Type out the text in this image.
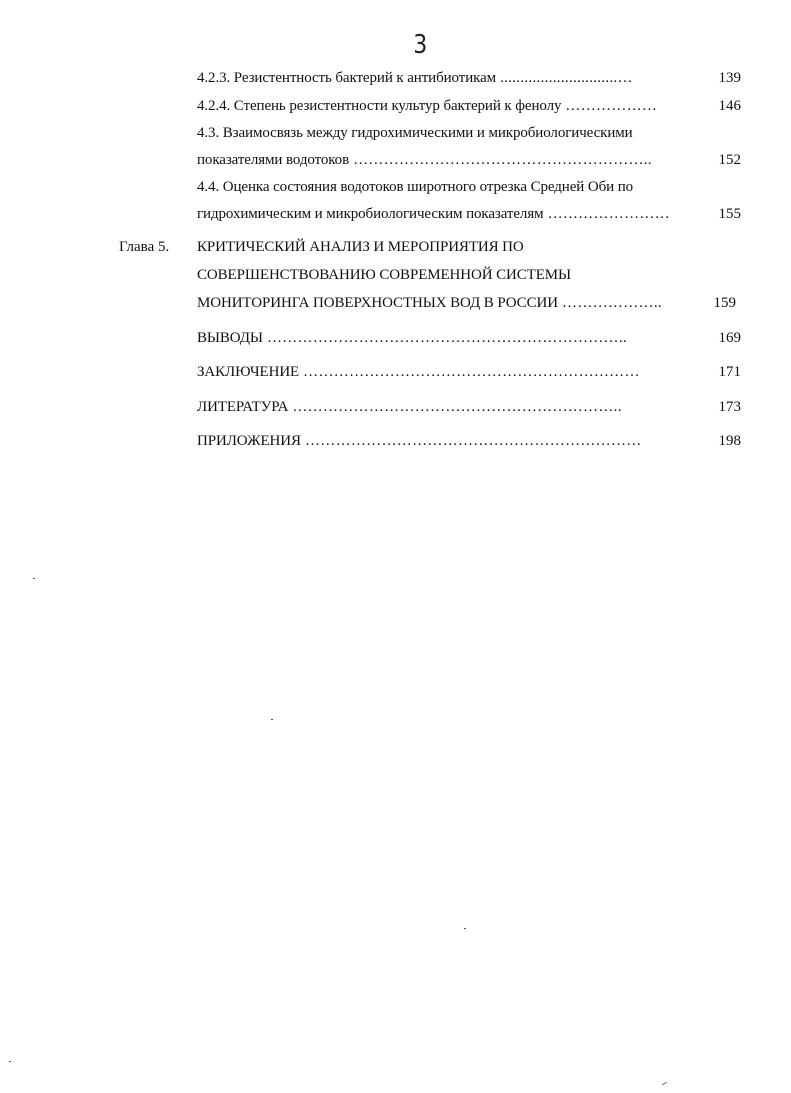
3
4.2.3. Резистентность бактерий к антибиотикам .............................…	139
4.2.4. Степень резистентности культур бактерий к фенолу ………………	146
4.3. Взаимосвязь между гидрохимическими и микробиологическими
показателями водотоков …………………………………………………..	152
4.4. Оценка состояния водотоков широтного отрезка Средней Оби по
гидрохимическим и микробиологическим показателям ……………………	155
Глава 5. КРИТИЧЕСКИЙ АНАЛИЗ И МЕРОПРИЯТИЯ ПО
СОВЕРШЕНСТВОВАНИЮ СОВРЕМЕННОЙ СИСТЕМЫ
МОНИТОРИНГА ПОВЕРХНОСТНЫХ ВОД В РОССИИ ………………..	159
ВЫВОДЫ ……………………………………………………………..	169
ЗАКЛЮЧЕНИЕ …………………………………………………………	171
ЛИТЕРАТУРА ………………………………………………………..	173
ПРИЛОЖЕНИЯ …………………………………………………………	198
